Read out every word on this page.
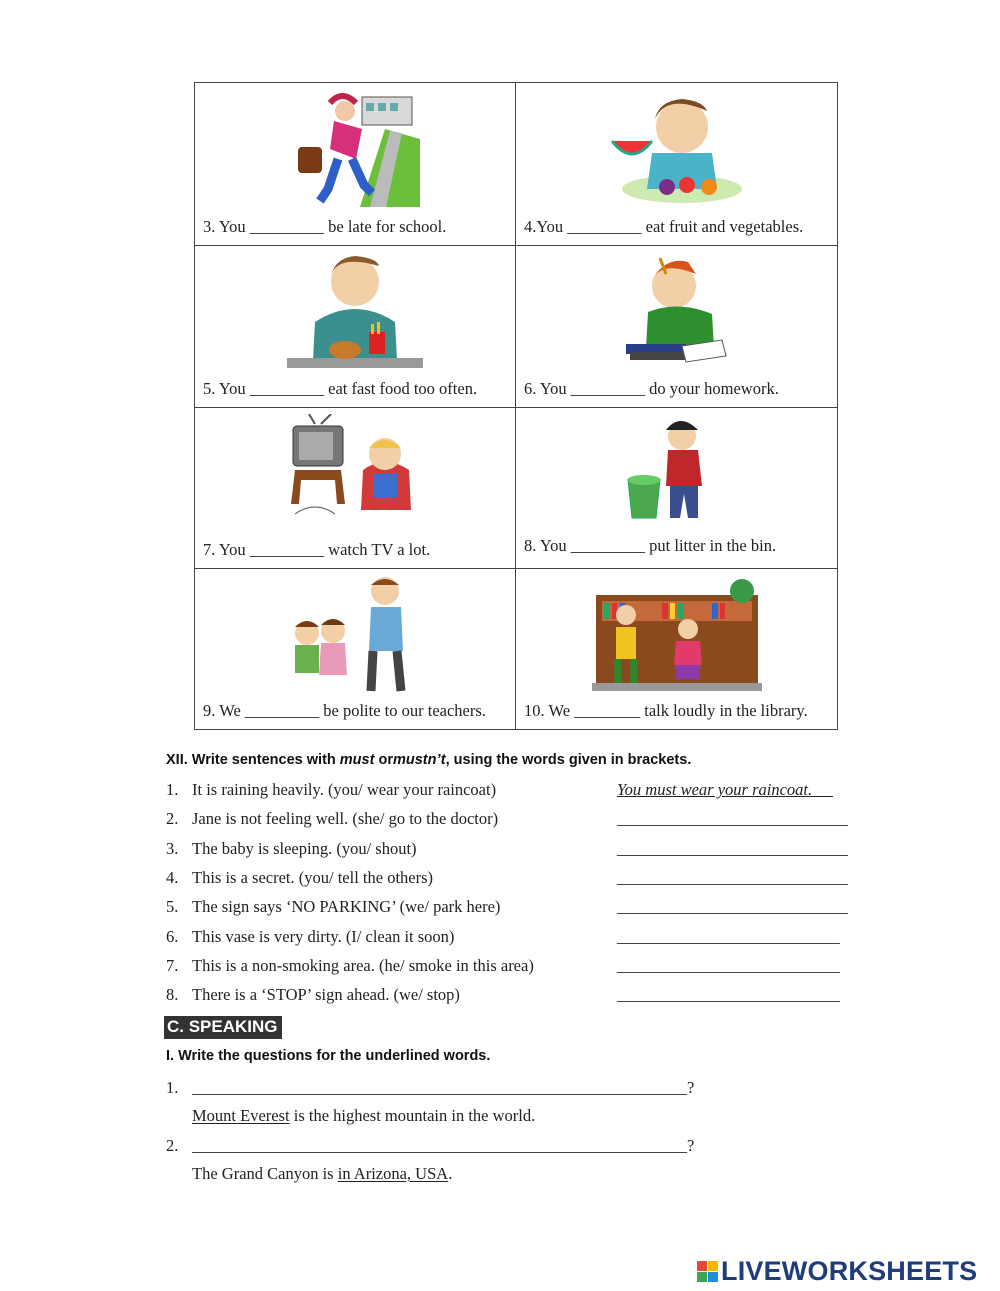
3. You _________ be late for school.	4.You _________ eat fruit and vegetables.
5. You _________ eat fast food too often.	6. You _________ do your homework.
7. You _________ watch TV a lot.	8. You _________ put litter in the bin.
9. We _________ be polite to our teachers. 10. We ________ talk loudly in the library.
XII. Write sentences with must ormustn’t, using the words given in brackets.
1. It is raining heavily. (you/ wear your raincoat)	You must wear your raincoat. __
2. Jane is not feeling well. (she/ go to the doctor)	____________________________
3. The baby is sleeping. (you/ shout)	____________________________
4. This is a secret. (you/ tell the others)	____________________________
5. The sign says ‘NO PARKING’ (we/ park here)	____________________________
6. This vase is very dirty. (I/ clean it soon)	___________________________
7. This is a non-smoking area. (he/ smoke in this area)	___________________________
8. There is a ‘STOP’ sign ahead. (we/ stop)	___________________________
C. SPEAKING
I. Write the questions for the underlined words.
1. ____________________________________________________________?
Mount Everest is the highest mountain in the world.
2. ____________________________________________________________?
The Grand Canyon is in Arizona, USA.
LIVEWORKSHEETS
